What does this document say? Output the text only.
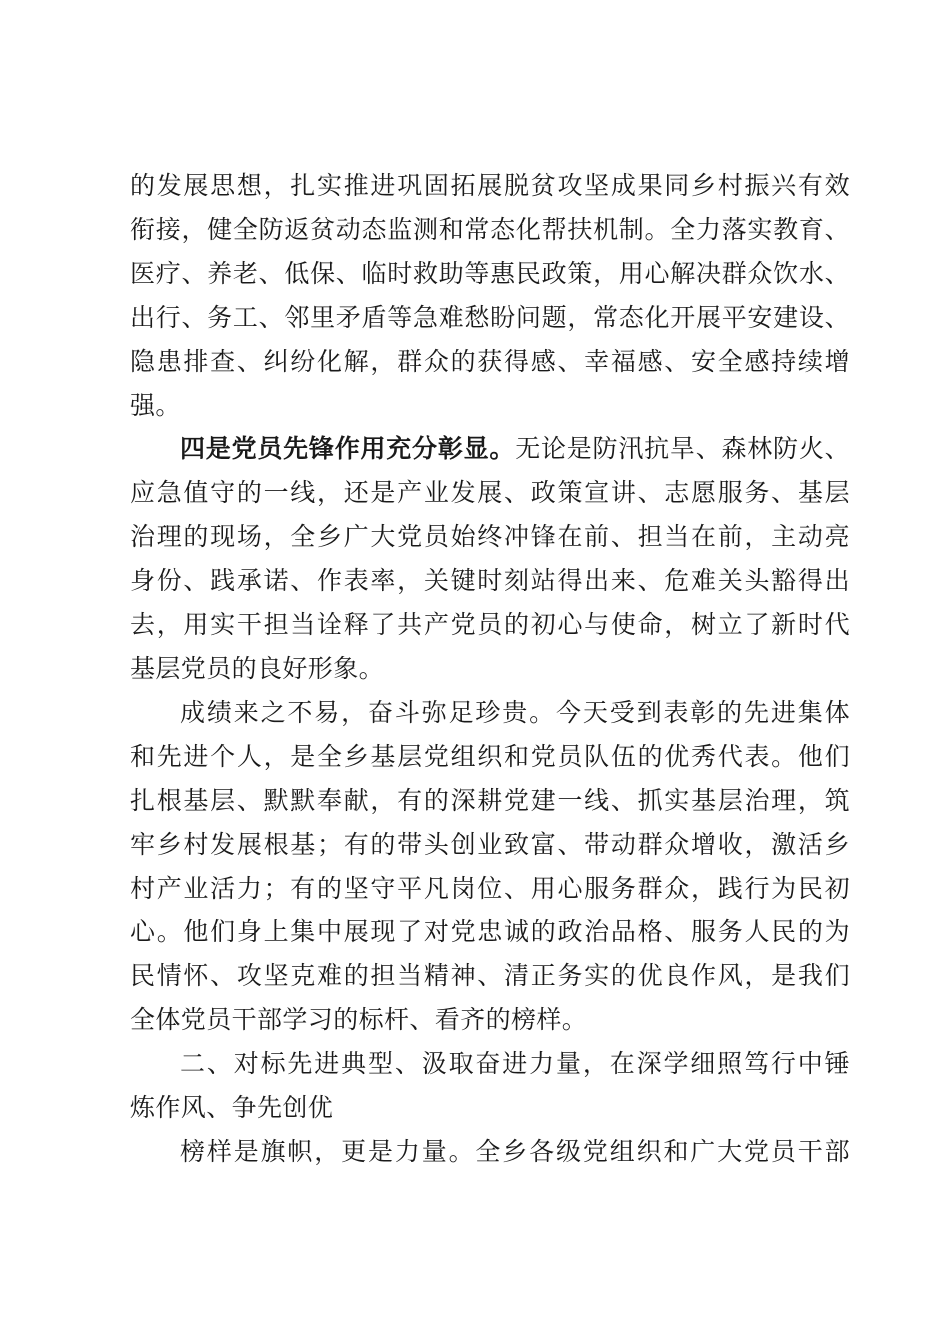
的发展思想，扎实推进巩固拓展脱贫攻坚成果同乡村振兴有效
衔接，健全防返贫动态监测和常态化帮扶机制。全力落实教育、
医疗、养老、低保、临时救助等惠民政策，用心解决群众饮水、
出行、务工、邻里矛盾等急难愁盼问题，常态化开展平安建设、
隐患排查、纠纷化解，群众的获得感、幸福感、安全感持续增
强。
四是党员先锋作用充分彰显。无论是防汛抗旱、森林防火、
应急值守的一线，还是产业发展、政策宣讲、志愿服务、基层
治理的现场，全乡广大党员始终冲锋在前、担当在前，主动亮
身份、践承诺、作表率，关键时刻站得出来、危难关头豁得出
去，用实干担当诠释了共产党员的初心与使命，树立了新时代
基层党员的良好形象。
成绩来之不易，奋斗弥足珍贵。今天受到表彰的先进集体
和先进个人，是全乡基层党组织和党员队伍的优秀代表。他们
扎根基层、默默奉献，有的深耕党建一线、抓实基层治理，筑
牢乡村发展根基；有的带头创业致富、带动群众增收，激活乡
村产业活力；有的坚守平凡岗位、用心服务群众，践行为民初
心。他们身上集中展现了对党忠诚的政治品格、服务人民的为
民情怀、攻坚克难的担当精神、清正务实的优良作风，是我们
全体党员干部学习的标杆、看齐的榜样。
二、对标先进典型、汲取奋进力量，在深学细照笃行中锤
炼作风、争先创优
榜样是旗帜，更是力量。全乡各级党组织和广大党员干部
